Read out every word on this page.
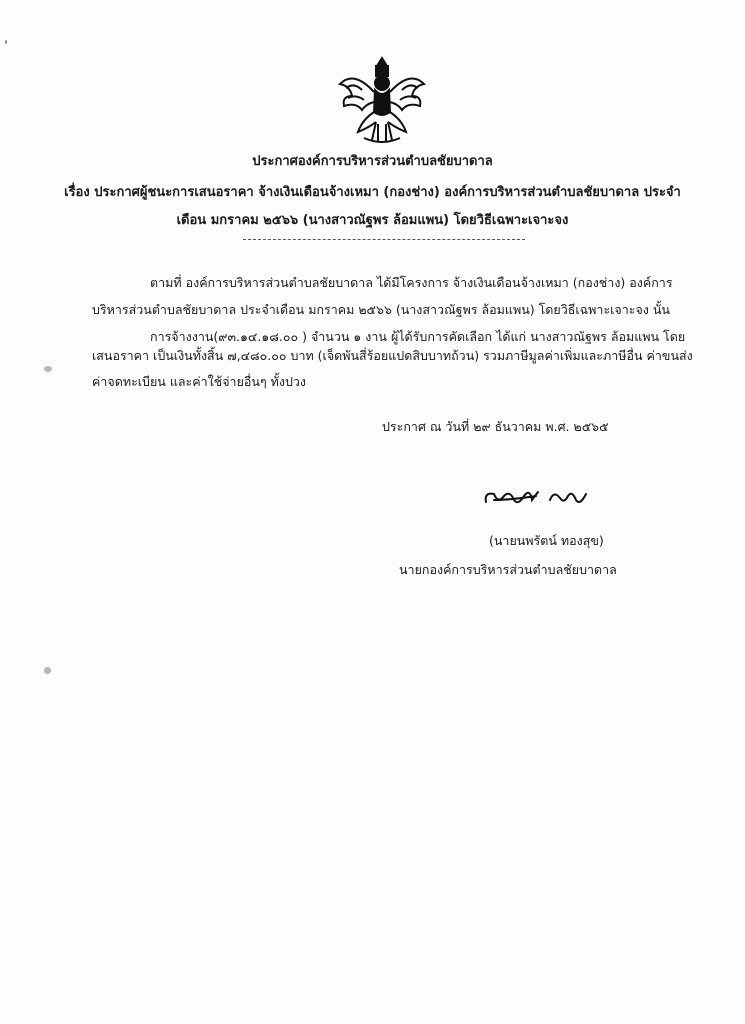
ประกาศองค์การบริหารส่วนตำบลชัยบาดาล
เรื่อง ประกาศผู้ชนะการเสนอราคา จ้างเงินเดือนจ้างเหมา (กองช่าง) องค์การบริหารส่วนตำบลชัยบาดาล ประจำ
เดือน มกราคม ๒๕๖๖ (นางสาวณัฐพร ล้อมแพน) โดยวิธีเฉพาะเจาะจง
ตามที่ องค์การบริหารส่วนตำบลชัยบาดาล ได้มีโครงการ จ้างเงินเดือนจ้างเหมา (กองช่าง) องค์การ
บริหารส่วนตำบลชัยบาดาล ประจำเดือน มกราคม ๒๕๖๖ (นางสาวณัฐพร ล้อมแพน) โดยวิธีเฉพาะเจาะจง นั้น
การจ้างงาน(๙๓.๑๔.๑๘.๐๐ ) จำนวน ๑ งาน ผู้ได้รับการคัดเลือก ได้แก่ นางสาวณัฐพร ล้อมแพน โดย
เสนอราคา เป็นเงินทั้งสิ้น ๗,๔๘๐.๐๐ บาท (เจ็ดพันสี่ร้อยแปดสิบบาทถ้วน) รวมภาษีมูลค่าเพิ่มและภาษีอื่น ค่าขนส่ง
ค่าจดทะเบียน และค่าใช้จ่ายอื่นๆ ทั้งปวง
ประกาศ ณ วันที่ ๒๙ ธันวาคม พ.ศ. ๒๕๖๕
(นายนพรัตน์ ทองสุข)
นายกองค์การบริหารส่วนตำบลชัยบาดาล
